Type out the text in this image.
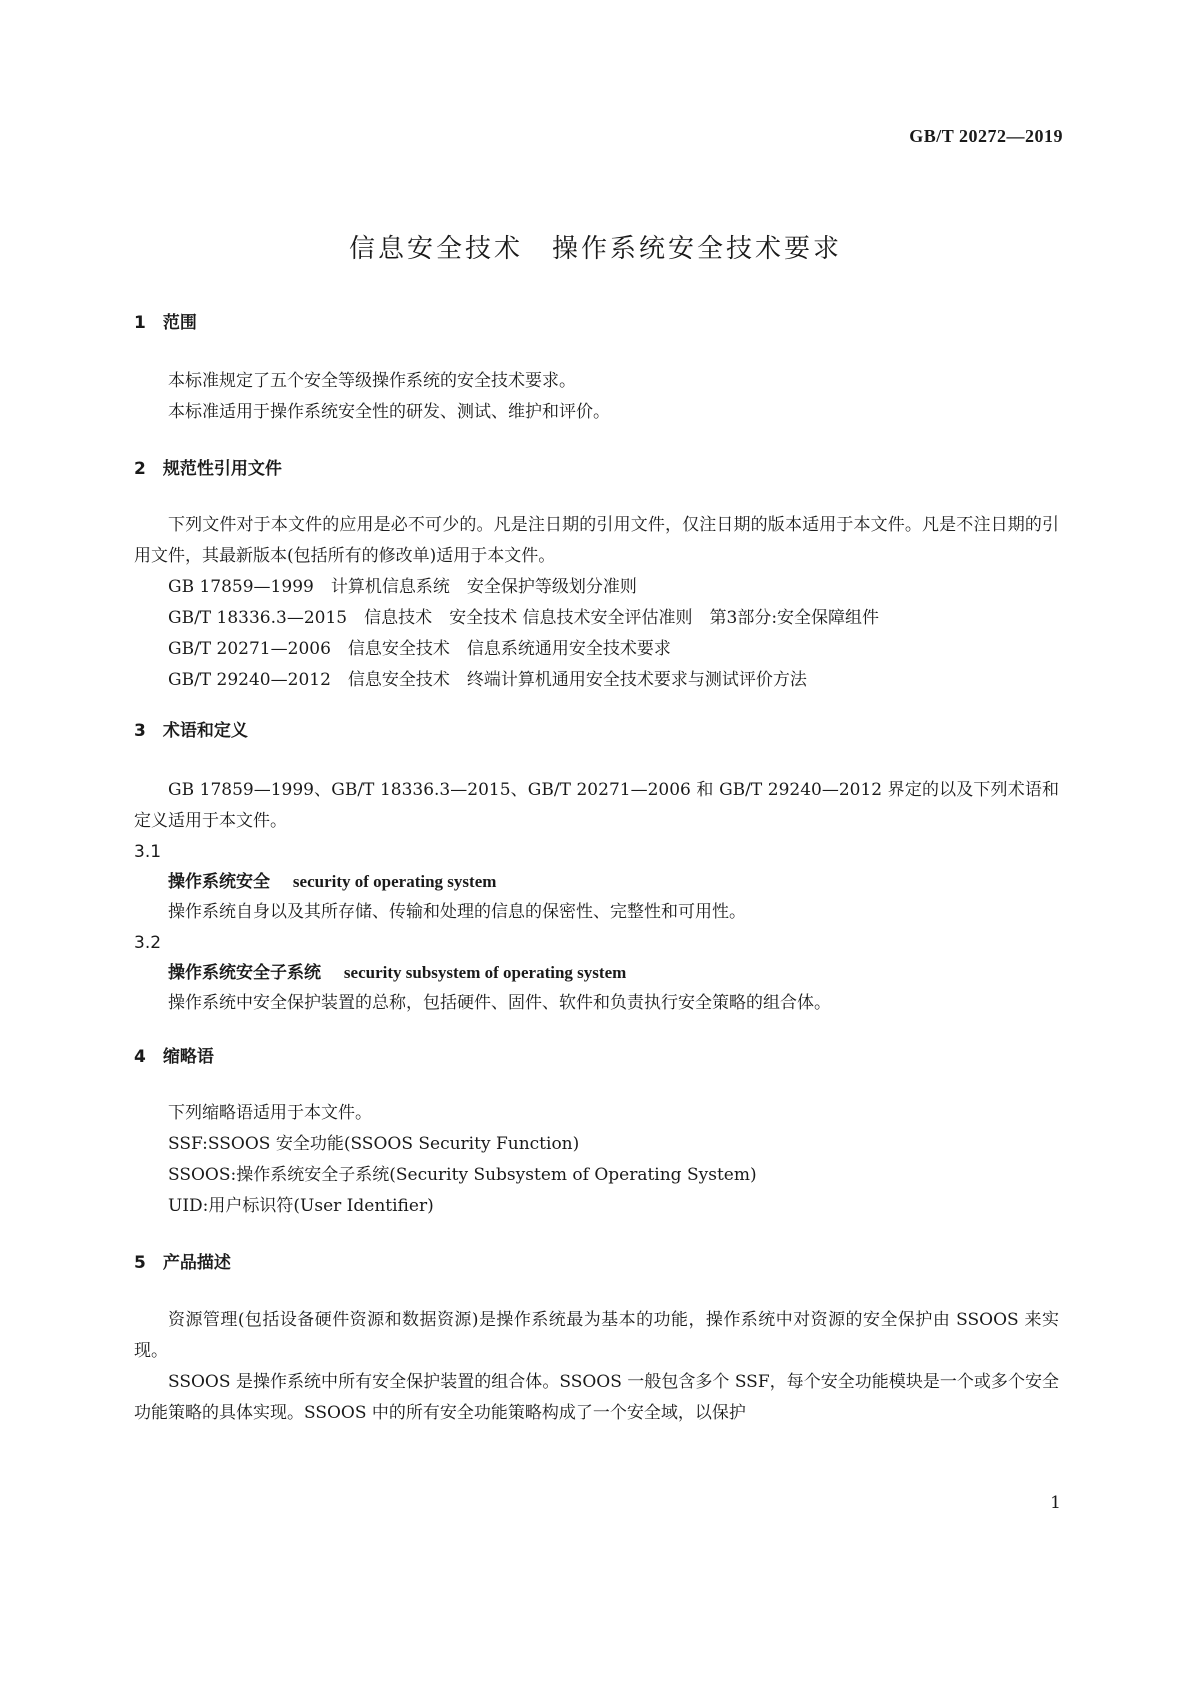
GB/T 20272—2019
信息安全技术　操作系统安全技术要求
1　范围

本标准规定了五个安全等级操作系统的安全技术要求。

本标准适用于操作系统安全性的研发、测试、维护和评价。

2　规范性引用文件

下列文件对于本文件的应用是必不可少的。凡是注日期的引用文件，仅注日期的版本适用于本文件。凡是不注日期的引用文件，其最新版本(包括所有的修改单)适用于本文件。

GB 17859—1999　计算机信息系统　安全保护等级划分准则
GB/T 18336.3—2015　信息技术　安全技术 信息技术安全评估准则　第3部分:安全保障组件
GB/T 20271—2006　信息安全技术　信息系统通用安全技术要求
GB/T 29240—2012　信息安全技术　终端计算机通用安全技术要求与测试评价方法
3　术语和定义

GB 17859—1999、GB/T 18336.3—2015、GB/T 20271—2006 和 GB/T 29240—2012 界定的以及下列术语和定义适用于本文件。

3.1
操作系统安全　 security of operating system
操作系统自身以及其所存储、传输和处理的信息的保密性、完整性和可用性。
3.2
操作系统安全子系统　 security subsystem of operating system
操作系统中安全保护装置的总称，包括硬件、固件、软件和负责执行安全策略的组合体。
4　缩略语
下列缩略语适用于本文件。
SSF:SSOOS 安全功能(SSOOS Security Function)
SSOOS:操作系统安全子系统(Security Subsystem of Operating System)
UID:用户标识符(User Identifier)
5　产品描述

资源管理(包括设备硬件资源和数据资源)是操作系统最为基本的功能，操作系统中对资源的安全保护由 SSOOS 来实现。

SSOOS 是操作系统中所有安全保护装置的组合体。SSOOS 一般包含多个 SSF，每个安全功能模块是一个或多个安全功能策略的具体实现。SSOOS 中的所有安全功能策略构成了一个安全域，以保护

1
